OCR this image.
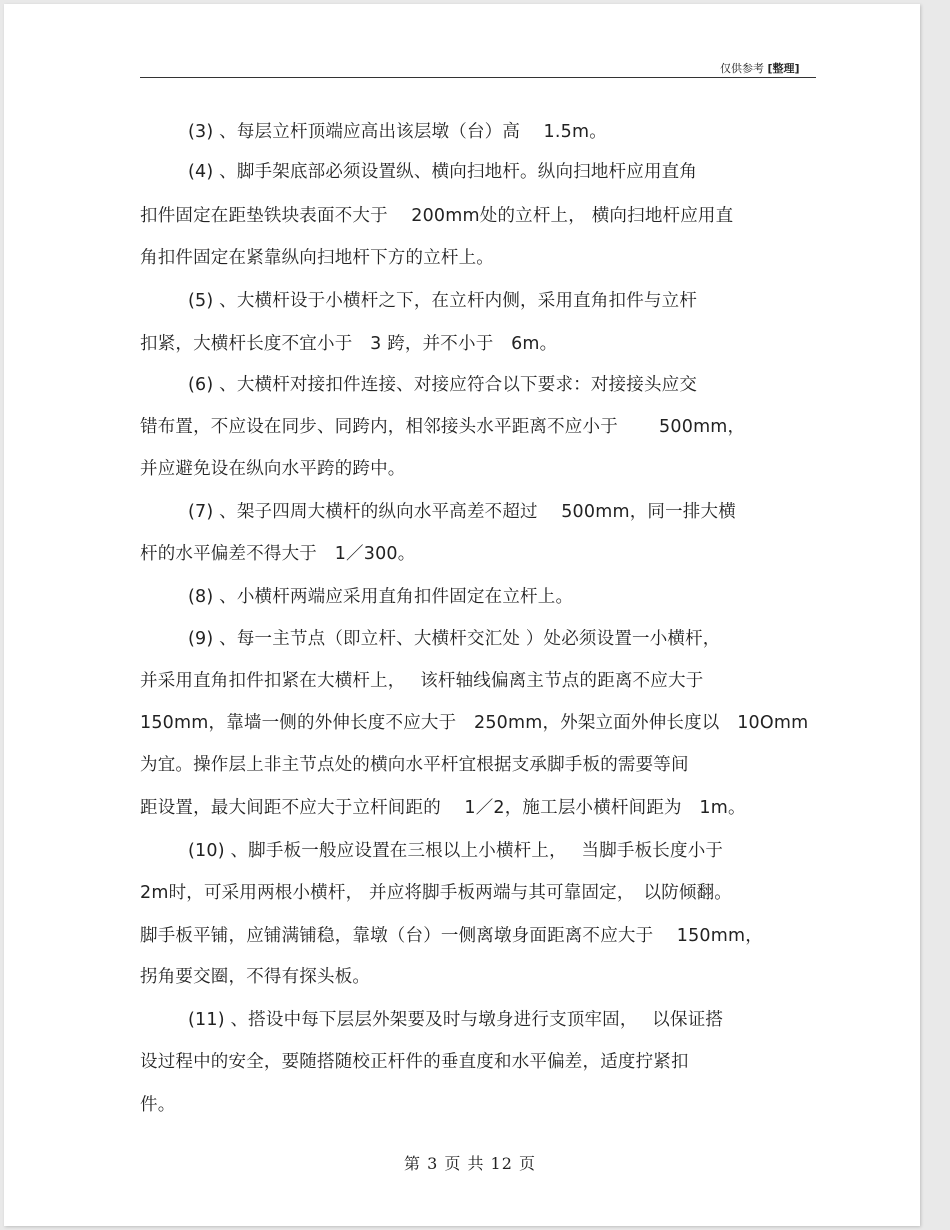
仅供参考 [整理]
(3) 、每层立杆顶端应高出该层墩（台）高　 1.5m。
(4) 、脚手架底部必须设置纵、横向扫地杆。纵向扫地杆应用直角
扣件固定在距垫铁块表面不大于　 200mm处的立杆上， 横向扫地杆应用直
角扣件固定在紧靠纵向扫地杆下方的立杆上。
(5) 、大横杆设于小横杆之下，在立杆内侧，采用直角扣件与立杆
扣紧，大横杆长度不宜小于　3 跨，并不小于　6m。
(6) 、大横杆对接扣件连接、对接应符合以下要求：对接接头应交
错布置，不应设在同步、同跨内，相邻接头水平距离不应小于　　 500mm，
并应避免设在纵向水平跨的跨中。
(7) 、架子四周大横杆的纵向水平高差不超过　 500mm，同一排大横
杆的水平偏差不得大于　1／300。
(8) 、小横杆两端应采用直角扣件固定在立杆上。
(9) 、每一主节点（即立杆、大横杆交汇处 ）处必须设置一小横杆，
并采用直角扣件扣紧在大横杆上，　 该杆轴线偏离主节点的距离不应大于
150mm，靠墙一侧的外伸长度不应大于　250mm，外架立面外伸长度以　10Omm
为宜。操作层上非主节点处的横向水平杆宜根据支承脚手板的需要等间
距设置，最大间距不应大于立杆间距的　 1／2，施工层小横杆间距为　1m。
(10) 、脚手板一般应设置在三根以上小横杆上，　 当脚手板长度小于
2m时，可采用两根小横杆， 并应将脚手板两端与其可靠固定，　以防倾翻。
脚手板平铺，应铺满铺稳，靠墩（台）一侧离墩身面距离不应大于　 150mm，
拐角要交圈，不得有探头板。
(11) 、搭设中每下层层外架要及时与墩身进行支顶牢固，　 以保证搭
设过程中的安全，要随搭随校正杆件的垂直度和水平偏差，适度拧紧扣
件。
第 3 页 共 12 页
